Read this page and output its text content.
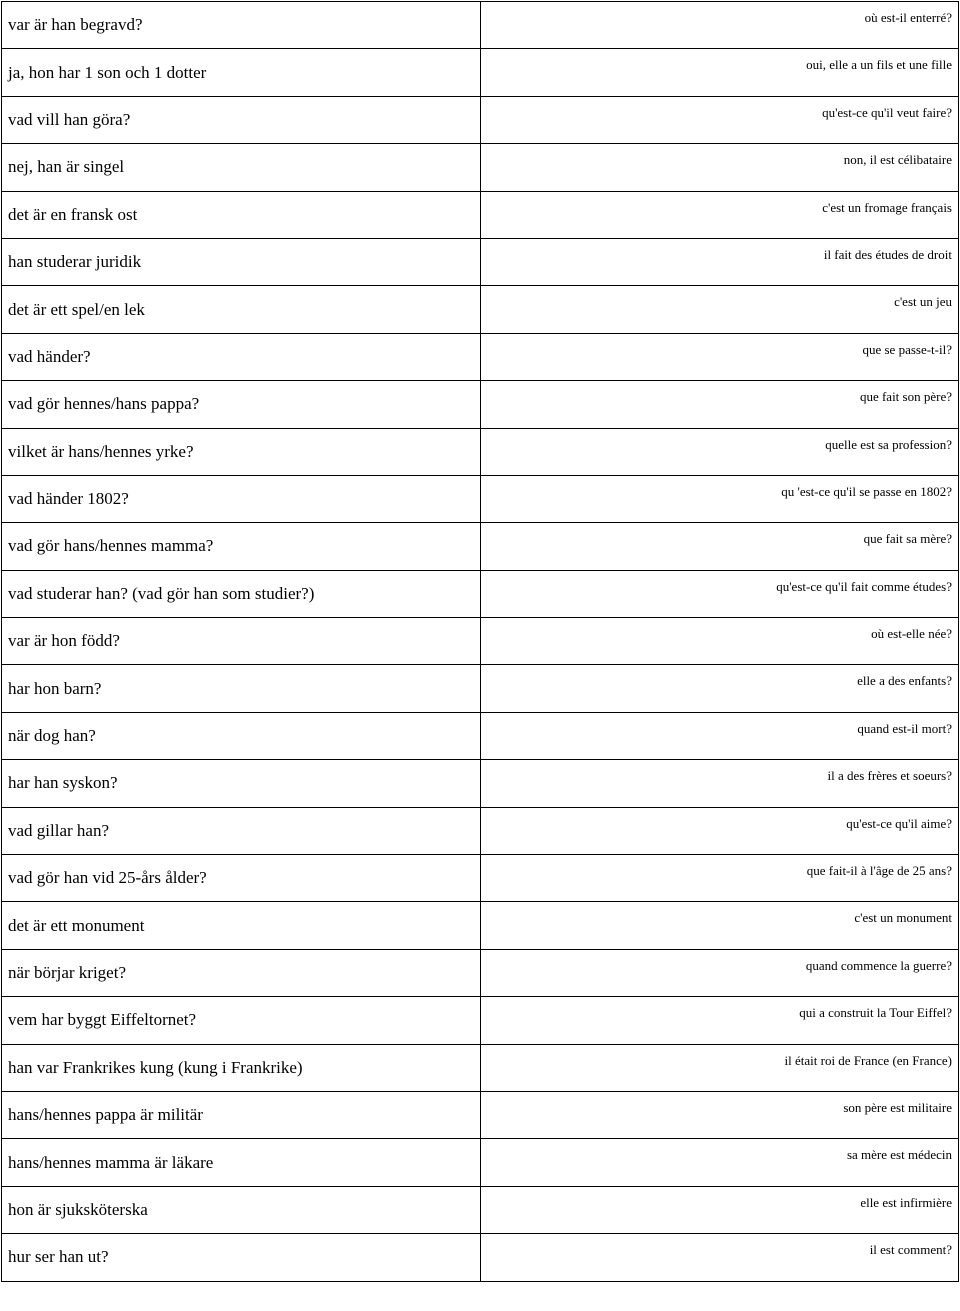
var är han begravd?	où est-il enterré?
ja, hon har 1 son och 1 dotter	oui, elle a un fils et une fille
vad vill han göra?	qu'est-ce qu'il veut faire?
nej, han är singel	non, il est célibataire
det är en fransk ost	c'est un fromage français
han studerar juridik	il fait des études de droit
det är ett spel/en lek	c'est un jeu
vad händer?	que se passe-t-il?
vad gör hennes/hans pappa?	que fait son père?
vilket är hans/hennes yrke?	quelle est sa profession?
vad händer 1802?	qu 'est-ce qu'il se passe en 1802?
vad gör hans/hennes mamma?	que fait sa mère?
vad studerar han? (vad gör han som studier?)	qu'est-ce qu'il fait comme études?
var är hon född?	où est-elle née?
har hon barn?	elle a des enfants?
när dog han?	quand est-il mort?
har han syskon?	il a des frères et soeurs?
vad gillar han?	qu'est-ce qu'il aime?
vad gör han vid 25-års ålder?	que fait-il à l'âge de 25 ans?
det är ett monument	c'est un monument
när börjar kriget?	quand commence la guerre?
vem har byggt Eiffeltornet?	qui a construit la Tour Eiffel?
han var Frankrikes kung (kung i Frankrike)	il était roi de France (en France)
hans/hennes pappa är militär	son père est militaire
hans/hennes mamma är läkare	sa mère est médecin
hon är sjuksköterska	elle est infirmière
hur ser han ut?	il est comment?
